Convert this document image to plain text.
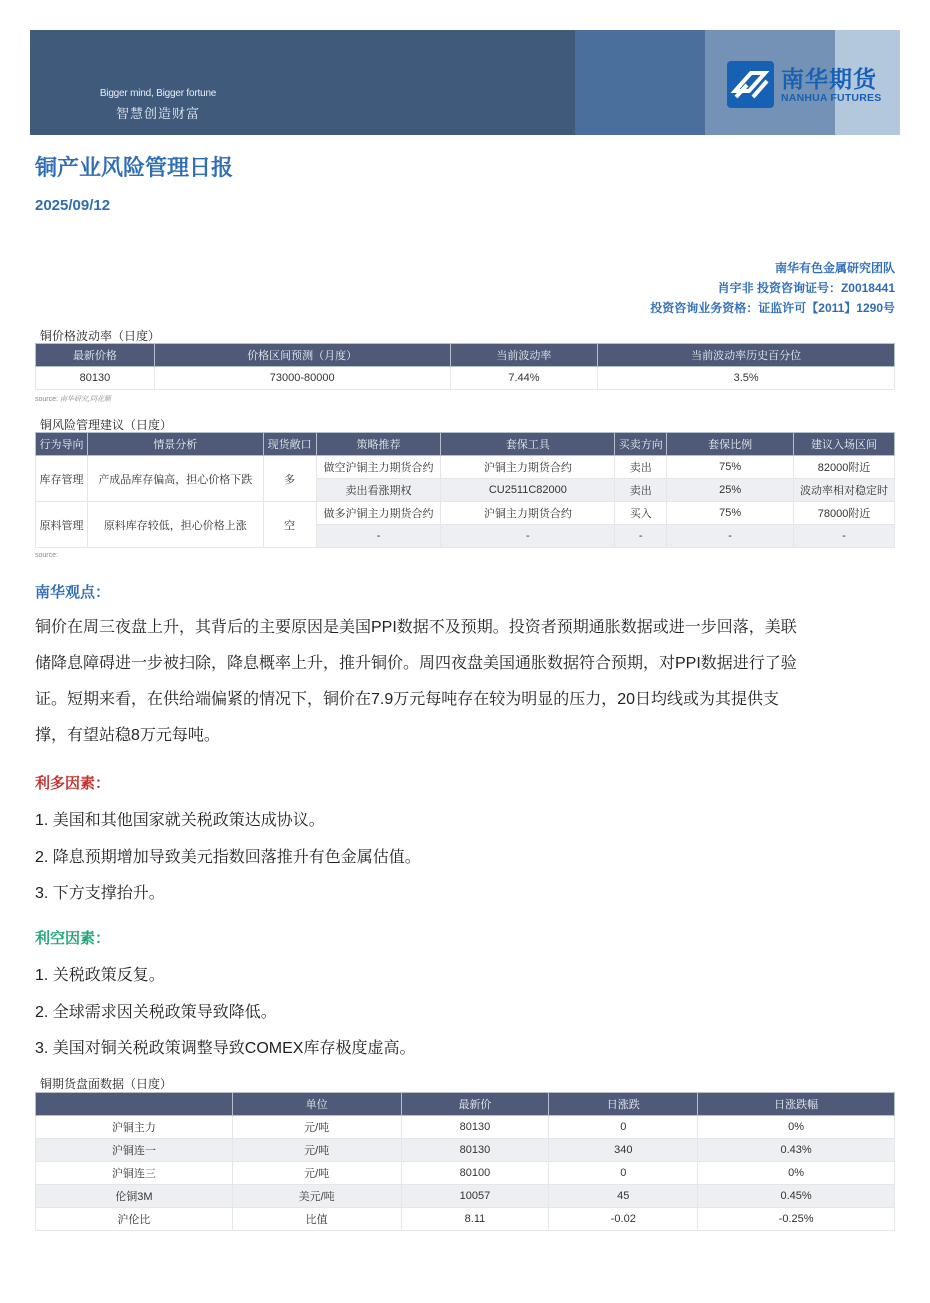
Bigger mind, Bigger fortune
智慧创造财富
南华期货
NANHUA FUTURES
铜产业风险管理日报
2025/09/12
南华有色金属研究团队
肖宇非 投资咨询证号：Z0018441
投资咨询业务资格：证监许可【2011】1290号
铜价格波动率（日度）
最新价格	价格区间预测（月度）	当前波动率	当前波动率历史百分位
80130	73000-80000	7.44%	3.5%
source: 南华研究,同花顺
铜风险管理建议（日度）
行为导向	情景分析	现货敞口	策略推荐	套保工具	买卖方向	套保比例	建议入场区间
库存管理	产成品库存偏高，担心价格下跌	多	做空沪铜主力期货合约	沪铜主力期货合约	卖出	75%	82000附近
			卖出看涨期权	CU2511C82000	卖出	25%	波动率相对稳定时
原料管理	原料库存较低，担心价格上涨	空	做多沪铜主力期货合约	沪铜主力期货合约	买入	75%	78000附近
			-	-	-	-	-
source:
南华观点：
铜价在周三夜盘上升，其背后的主要原因是美国PPI数据不及预期。投资者预期通胀数据或进一步回落，美联
储降息障碍进一步被扫除，降息概率上升，推升铜价。周四夜盘美国通胀数据符合预期，对PPI数据进行了验
证。短期来看，在供给端偏紧的情况下，铜价在7.9万元每吨存在较为明显的压力，20日均线或为其提供支
撑，有望站稳8万元每吨。
利多因素：
1. 美国和其他国家就关税政策达成协议。
2. 降息预期增加导致美元指数回落推升有色金属估值。
3. 下方支撑抬升。
利空因素：
1. 关税政策反复。
2. 全球需求因关税政策导致降低。
3. 美国对铜关税政策调整导致COMEX库存极度虚高。
铜期货盘面数据（日度）
	单位	最新价	日涨跌	日涨跌幅
沪铜主力	元/吨	80130	0	0%
沪铜连一	元/吨	80130	340	0.43%
沪铜连三	元/吨	80100	0	0%
伦铜3M	美元/吨	10057	45	0.45%
沪伦比	比值	8.11	-0.02	-0.25%
